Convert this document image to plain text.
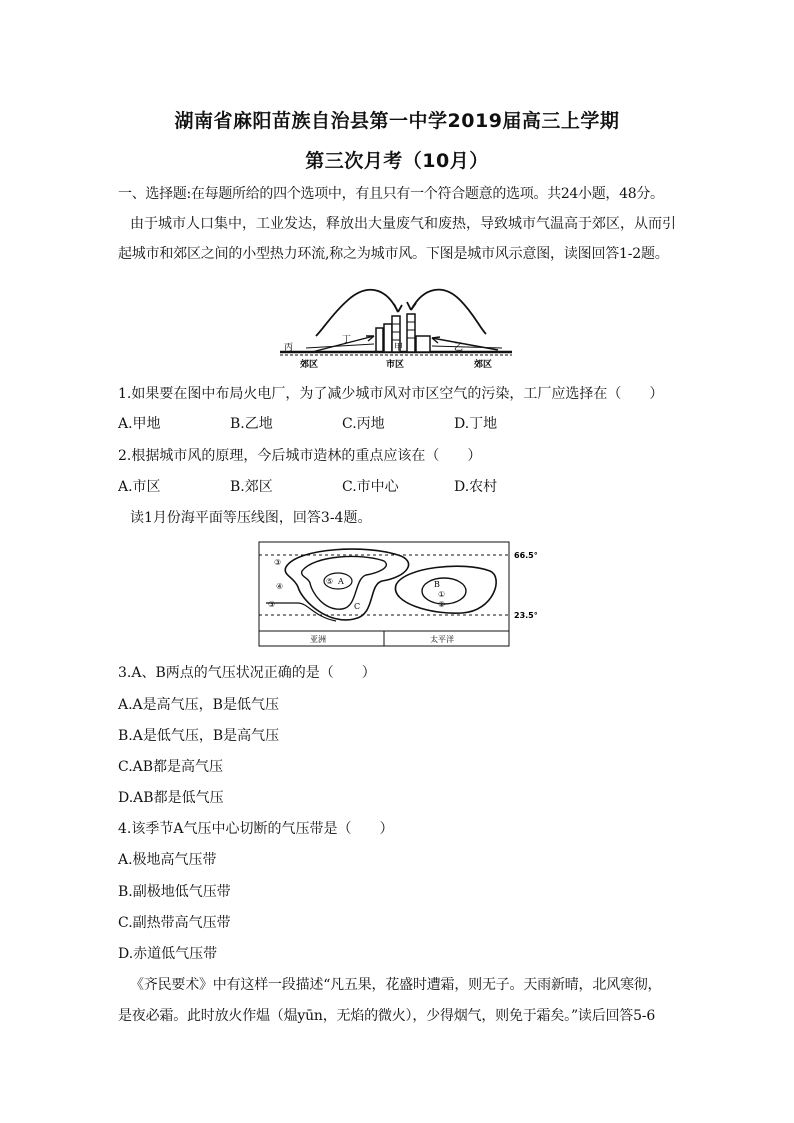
湖南省麻阳苗族自治县第一中学2019届高三上学期
第三次月考（10月）
一、选择题:在每题所给的四个选项中，有且只有一个符合题意的选项。共24小题，48分。
由于城市人口集中，工业发达，释放出大量废气和废热，导致城市气温高于郊区，从而引
起城市和郊区之间的小型热力环流,称之为城市风。下图是城市风示意图，读图回答1-2题。
丙
丁
甲	乙
郊区	市区	郊区
1.如果要在图中布局火电厂，为了减少城市风对市区空气的污染，工厂应选择在（　　）
A.甲地	B.乙地	C.丙地	D.丁地
2.根据城市风的原理，今后城市造林的重点应该在（　　）
A.市区	B.郊区	C.市中心	D.农村
读1月份海平面等压线图，回答3-4题。
66.5°
23.5°
③
④
⑤
③
①
②
A	B
C
亚洲	太平洋
3.A、B两点的气压状况正确的是（　　）
A.A是高气压，B是低气压
B.A是低气压，B是高气压
C.AB都是高气压
D.AB都是低气压
4.该季节A气压中心切断的气压带是（　　）
A.极地高气压带
B.副极地低气压带
C.副热带高气压带
D.赤道低气压带
《齐民要术》中有这样一段描述“凡五果，花盛时遭霜，则无子。天雨新晴，北风寒彻，
是夜必霜。此时放火作煴（煴yūn，无焰的微火），少得烟气，则免于霜矣。”读后回答5-6
